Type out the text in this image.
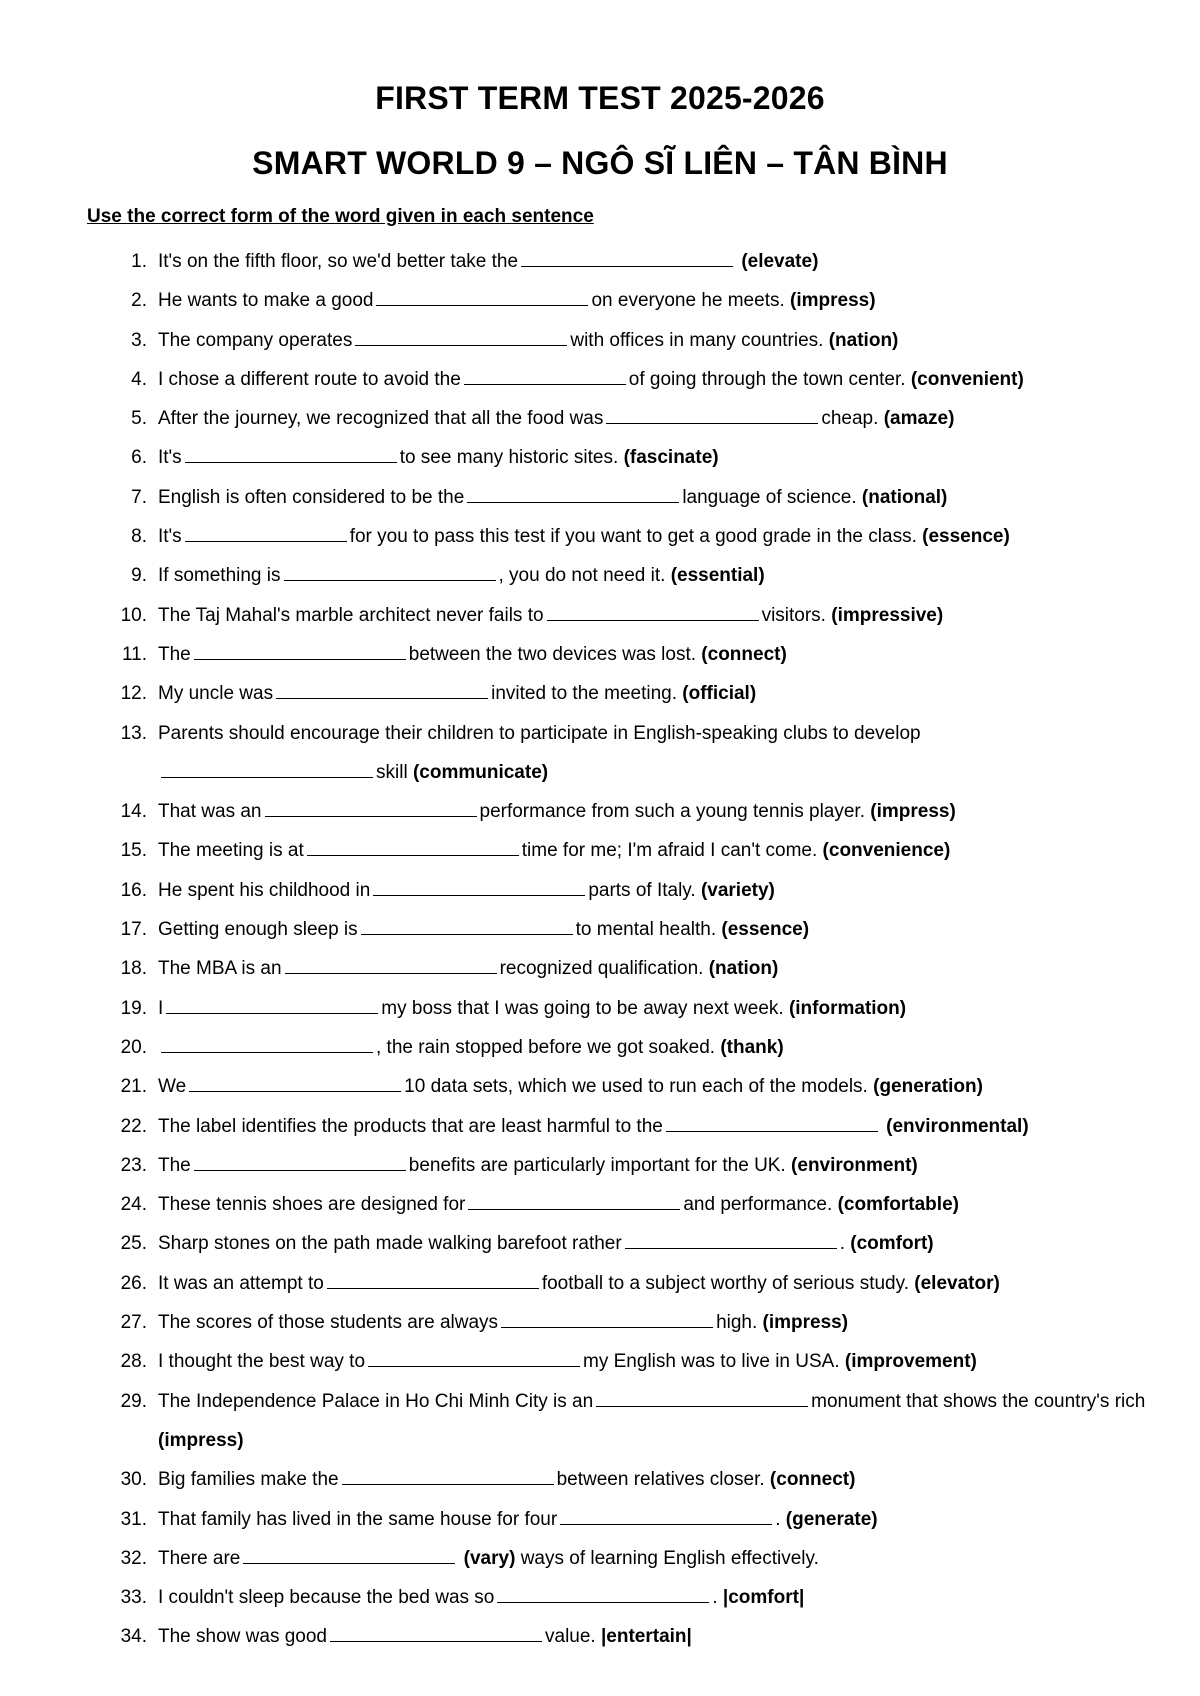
FIRST TERM TEST 2025-2026
SMART WORLD 9 – NGÔ SĨ LIÊN – TÂN BÌNH
Use the correct form of the word given in each sentence
1. It's on the fifth floor, so we'd better take the	(elevate)
2. He wants to make a good	on everyone he meets. (impress)
3. The company operates	with offices in many countries. (nation)
4. I chose a different route to avoid the	of going through the town center. (convenient)
5. After the journey, we recognized that all the food was	cheap. (amaze)
6. It's	to see many historic sites. (fascinate)
7. English is often considered to be the	language of science. (national)
8. It's	for you to pass this test if you want to get a good grade in the class. (essence)
9. If something is	, you do not need it. (essential)
10. The Taj Mahal's marble architect never fails to	visitors. (impressive)
11. The	between the two devices was lost. (connect)
12. My uncle was	invited to the meeting. (official)
13. Parents should encourage their children to participate in English-speaking clubs to develop
skill (communicate)
14. That was an	performance from such a young tennis player. (impress)
15. The meeting is at	time for me; I'm afraid I can't come. (convenience)
16. He spent his childhood in	parts of Italy. (variety)
17. Getting enough sleep is	to mental health. (essence)
18. The MBA is an	recognized qualification. (nation)
19. I	my boss that I was going to be away next week. (information)
20.	, the rain stopped before we got soaked. (thank)
21. We	10 data sets, which we used to run each of the models. (generation)
22. The label identifies the products that are least harmful to the	(environmental)
23. The	benefits are particularly important for the UK. (environment)
24. These tennis shoes are designed for	and performance. (comfortable)
25. Sharp stones on the path made walking barefoot rather	. (comfort)
26. It was an attempt to	football to a subject worthy of serious study. (elevator)
27. The scores of those students are always	high. (impress)
28. I thought the best way to	my English was to live in USA. (improvement)
29. The Independence Palace in Ho Chi Minh City is an	monument that shows the country's rich (impress)
30. Big families make the	between relatives closer. (connect)
31. That family has lived in the same house for four	. (generate)
32. There are	(vary) ways of learning English effectively.
33. I couldn't sleep because the bed was so	. |comfort|
34. The show was good	value. |entertain|
